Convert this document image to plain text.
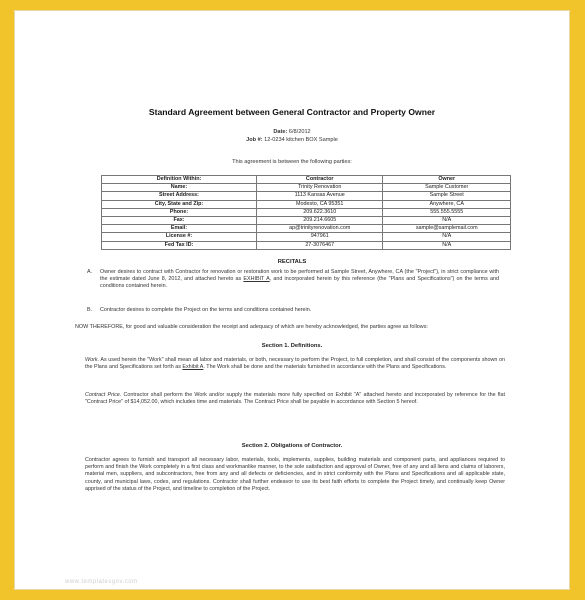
Standard Agreement between General Contractor and Property Owner
Date: 6/8/2012
Job #: 12-0234 kitchen BOX Sample
This agreement is between the following parties:
Definition Within:	Contractor	Owner
Name:	Trinity Renovation	Sample Customer
Street Address:	1113 Kansas Avenue	Sample Street
City, State and Zip:	Modesto, CA 95351	Anywhere, CA
Phone:	209.622.3610	555.555.5555
Fax:	209.214.6605	N/A
Email:	ap@trinityrenovation.com	sample@samplemail.com
License #:	947961	N/A
Fed Tax ID:	27-3076467	N/A
RECITALS
A. Owner desires to contract with Contractor for renovation or restoration work to be performed at Sample Street, Anywhere, CA (the "Project"), in strict compliance with the estimate dated June 8, 2012, and attached hereto as EXHIBIT A, and incorporated herein by this reference (the "Plans and Specifications") on the terms and conditions contained herein.

B. Contractor desires to complete the Project on the terms and conditions contained herein.

NOW THEREFORE, for good and valuable consideration the receipt and adequacy of which are hereby acknowledged, the parties agree as follows:

Section 1. Definitions.

Work. As used herein the "Work" shall mean all labor and materials, or both, necessary to perform the Project, to full completion, and shall consist of the components shown on the Plans and Specifications set forth as Exhibit A. The Work shall be done and the materials furnished in accordance with the Plans and Specifications.

Contract Price. Contractor shall perform the Work and/or supply the materials more fully specified on Exhibit "A" attached hereto and incorporated by reference for the flat "Contract Price" of $14,052.00, which includes time and materials. The Contract Price shall be payable in accordance with Section 5 hereof.

Section 2. Obligations of Contractor.

Contractor agrees to furnish and transport all necessary labor, materials, tools, implements, supplies, building materials and component parts, and appliances required to perform and finish the Work completely in a first class and workmanlike manner, to the sole satisfaction and approval of Owner, free of any and all liens and claims of laborers, material men, suppliers, and subcontractors, free from any and all defects or deficiencies, and in strict conformity with the Plans and Specifications and all applicable state, county, and municipal laws, codes, and regulations. Contractor shall further endeavor to use its best faith efforts to complete the Project timely, and continually keep Owner apprised of the status of the Project, and timeline to completion of the Project.

www.templatesgov.com
